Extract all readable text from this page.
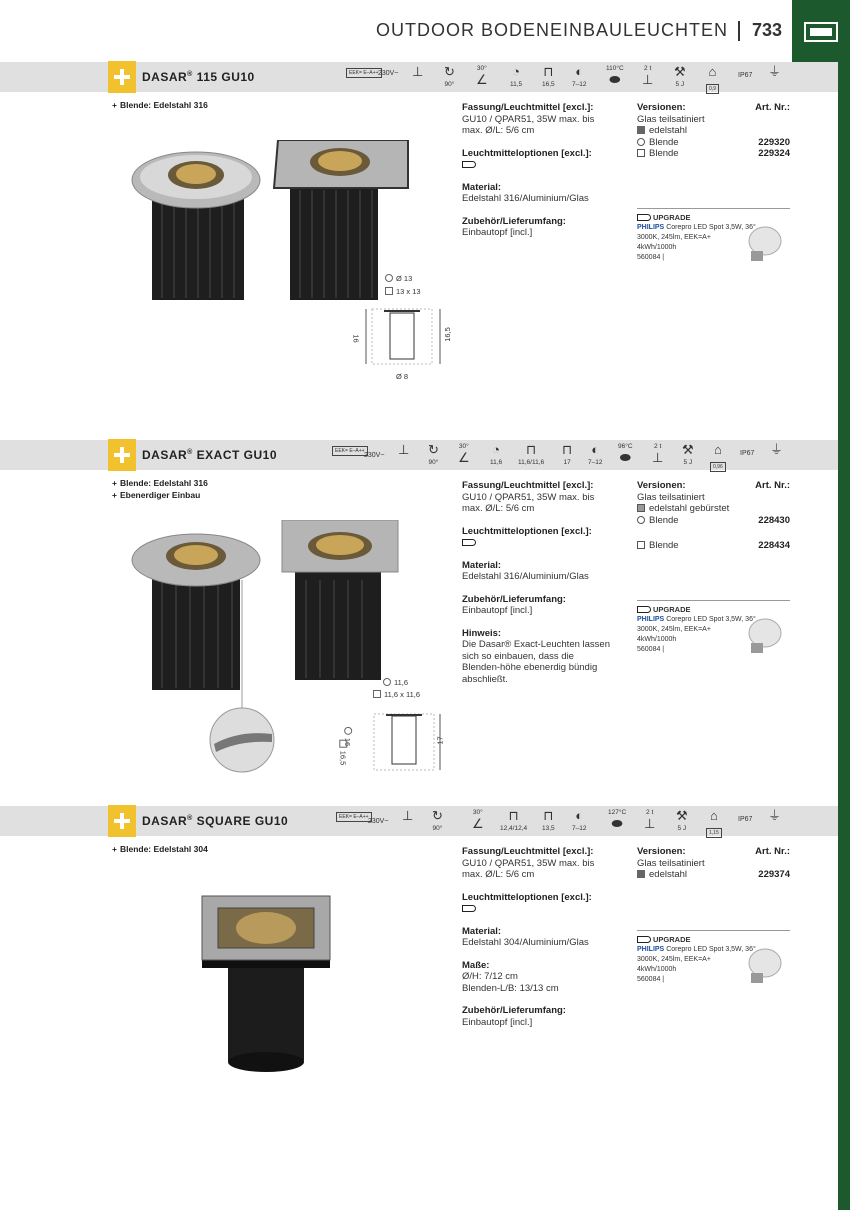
OUTDOOR BODENEINBAULEUCHTEN 733
DASAR® 115 GU10	EEK= E–A++ 230V~ ⊥ ↻
90°
30°
∠
◔
11,5
⊓
16,5
◐
7–12
110°C
⬬
2 t
⊥
⚒
5 J
⌂
0,9
IP67 ⏚
+ Blende: Edelstahl 316
Ø 13
13 x 13
16	16,5
Ø 8
Fassung/Leuchtmittel [excl.]:
GU10 / QPAR51, 35W max. bis max. Ø/L: 5/6 cm
Leuchtmitteloptionen [excl.]:
Material:
Edelstahl 316/Aluminium/Glas
Zubehör/Lieferumfang:
Einbautopf [incl.]
Versionen:	Art. Nr.:
Glas teilsatiniert
edelstahl
Blende	229320
Blende	229324
UPGRADE
PHILIPS Corepro LED Spot 3,5W, 36°
3000K, 245lm, EEK=A+
4kWh/1000h
560084 |
DASAR® EXACT GU10	EEK= E–A++
230V~ ⊥ ↻
90°
30°
∠
◔
11,6
⊓
11,6/11,6
⊓
17
◐
7–12
96°C
⬬
2 t
⊥
⚒
5 J
⌂
0,96
IP67 ⏚
+ Blende: Edelstahl 316
+ Ebenerdiger Einbau
11,6
11,6 x 11,6
16
16,5
17
Fassung/Leuchtmittel [excl.]:
GU10 / QPAR51, 35W max. bis max. Ø/L: 5/6 cm
Leuchtmitteloptionen [excl.]:
Material:
Edelstahl 316/Aluminium/Glas
Zubehör/Lieferumfang:
Einbautopf [incl.]
Hinweis:
Die Dasar® Exact-Leuchten lassen sich so einbauen, dass die Blenden-höhe ebenerdig bündig abschließt.
Versionen:	Art. Nr.:
Glas teilsatiniert
edelstahl gebürstet
Blende	228430
Blende	228434
UPGRADE
PHILIPS Corepro LED Spot 3,5W, 36°
3000K, 245lm, EEK=A+
4kWh/1000h
560084 |
DASAR® SQUARE GU10	EEK= E–A++
230V~ ⊥ ↻
90°
30°
∠
⊓
12,4/12,4
⊓
13,5
◐
7–12
127°C
⬬
2 t
⊥
⚒
5 J
⌂
1,15
IP67 ⏚
+ Blende: Edelstahl 304	Fassung/Leuchtmittel [excl.]:
GU10 / QPAR51, 35W max. bis max. Ø/L: 5/6 cm
Leuchtmitteloptionen [excl.]:
Material:
Edelstahl 304/Aluminium/Glas
Maße:
Ø/H: 7/12 cm
Blenden-L/B: 13/13 cm
Zubehör/Lieferumfang:
Einbautopf [incl.]
Versionen:	Art. Nr.:
Glas teilsatiniert
edelstahl	229374
UPGRADE
PHILIPS Corepro LED Spot 3,5W, 36°
3000K, 245lm, EEK=A+
4kWh/1000h
560084 |
